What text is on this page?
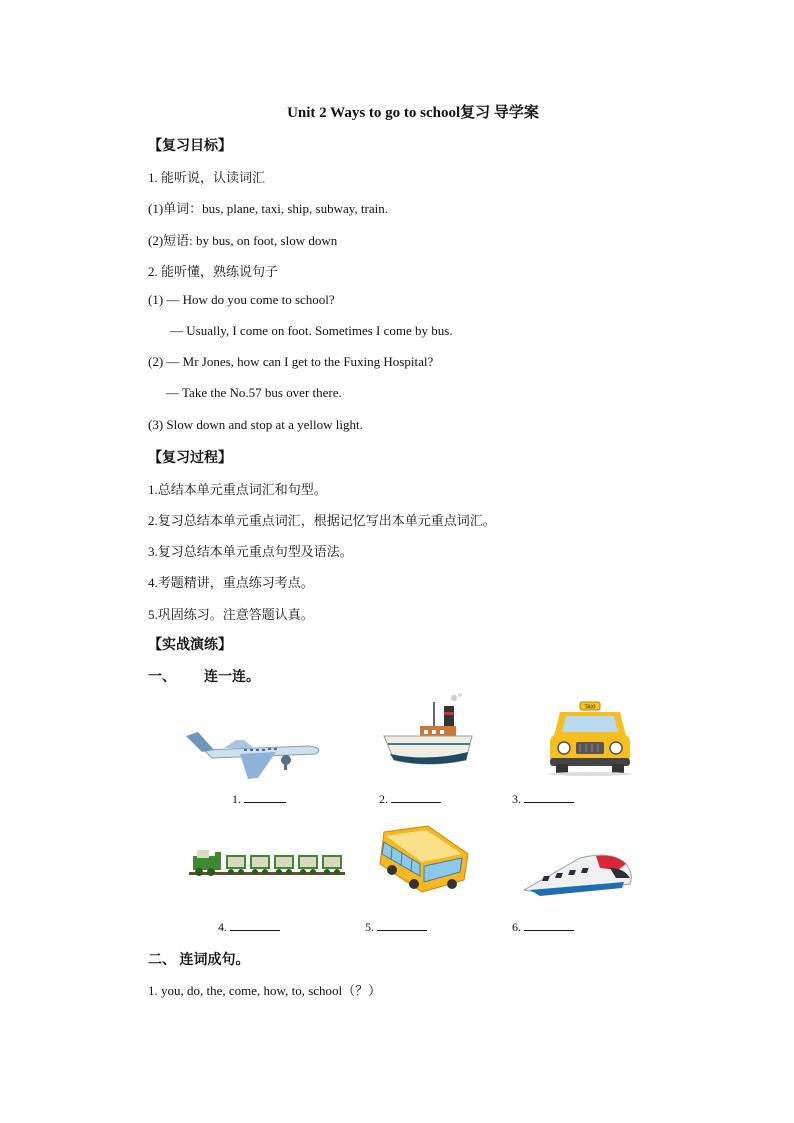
Unit 2 Ways to go to school复习 导学案
【复习目标】
1. 能听说，认读词汇
(1)单词：bus, plane, taxi, ship, subway, train.
(2)短语: by bus, on foot, slow down
2. 能听懂，熟练说句子
(1) — How do you come to school?
— Usually, I come on foot. Sometimes I come by bus.
(2) — Mr Jones, how can I get to the Fuxing Hospital?
— Take the No.57 bus over there.
(3) Slow down and stop at a yellow light.
【复习过程】
1.总结本单元重点词汇和句型。
2.复习总结本单元重点词汇，根据记忆写出本单元重点词汇。
3.复习总结本单元重点句型及语法。
4.考题精讲，重点练习考点。
5.巩固练习。注意答题认真。
【实战演练】
一、 连一连。
TAXI
1.	2.	3.
4.	5.	6.
二、 连词成句。
1. you, do, the, come, how, to, school（？）
